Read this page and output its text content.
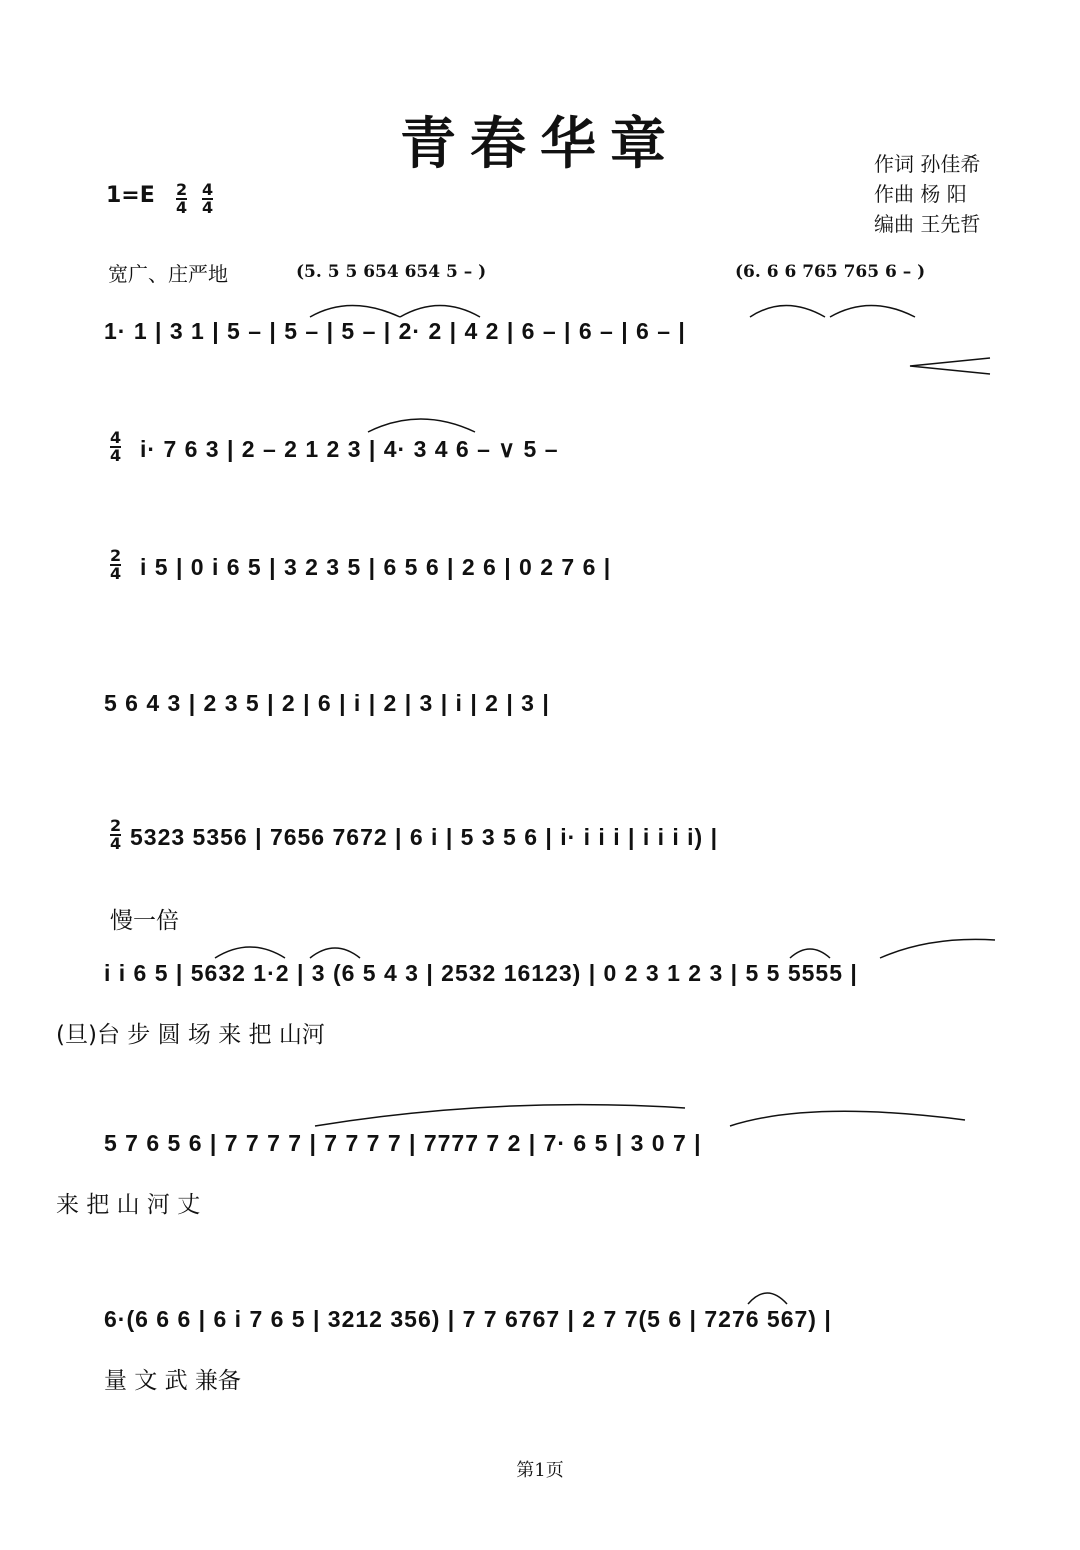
青春华章	作词 孙佳希
作曲 杨 阳
编曲 王先哲
$1=E \frac{2}{4} \frac{4}{4}$
宽广、庄严地	(5. 5 5 654 654 5 – )	(6. 6 6 765 765 6 – )
1· 1 | 3 1 | 5 – | 5 – | 5 – | 2· 2 | 4 2 | 6 – | 6 – | 6 – |
$\frac{4}{4} i\cdot 7$ 6 3 | 2 – 2 1 2 3 | 4· 3 4 6 – ∨ 5 –
$\frac{2}{4}$ i 5 | 0 i 6 5 | 3 2 3 5 | 6 5 6 | 2 6 | 0 2 7 6 |
5 6 4 3 | 2 3 5 | 2 | 6 | i | 2 | 3 | i | 2 | 3 |
$\frac{2}{4} 5323$ 5356 | 7656 7672 | 6 i | 5 3 5 6 | i· i i i | i i i i) |
慢一倍
i i 6 5 | 5632 1·2 | 3 (6 5 4 3 | 2532 16123) | 0 2 3 1 2 3 | 5 5 5555 |
(旦)台 步 圆 场 来 把 山河
5 7 6 5 6 | 7 7 7 7 | 7 7 7 7 | 7777 7 2 | 7· 6 5 | 3 0 7 |
来 把 山 河 丈
6·(6 6 6 | 6 i 7 6 5 | 3212 356) | 7 7 6767 | 2 7 7(5 6 | 7276 567) |
量 文 武 兼备
第1页
